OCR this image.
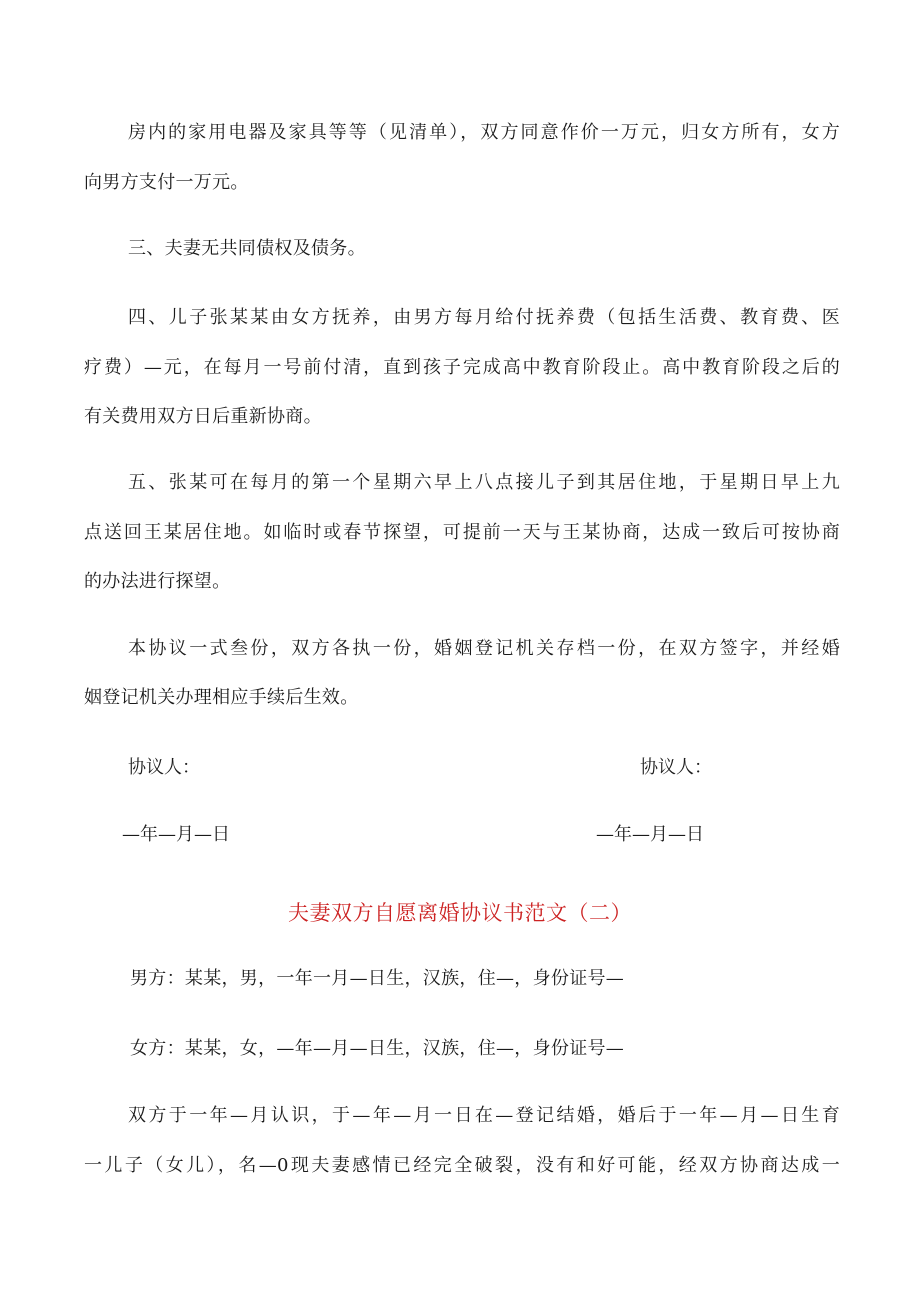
房内的家用电器及家具等等（见清单），双方同意作价一万元，归女方所有，女方
向男方支付一万元。
三、夫妻无共同债权及债务。
四、儿子张某某由女方抚养，由男方每月给付抚养费（包括生活费、教育费、医
疗费）—元，在每月一号前付清，直到孩子完成高中教育阶段止。高中教育阶段之后的
有关费用双方日后重新协商。
五、张某可在每月的第一个星期六早上八点接儿子到其居住地，于星期日早上九
点送回王某居住地。如临时或春节探望，可提前一天与王某协商，达成一致后可按协商
的办法进行探望。
本协议一式叁份，双方各执一份，婚姻登记机关存档一份，在双方签字，并经婚
姻登记机关办理相应手续后生效。
协议人：	协议人：
—年—月—日	—年—月—日
夫妻双方自愿离婚协议书范文（二）
男方：某某，男，一年一月—日生，汉族，住—，身份证号—
女方：某某，女，—年—月—日生，汉族，住—，身份证号—
双方于一年—月认识，于—年—月一日在—登记结婚，婚后于一年—月—日生育
一儿子（女儿），名—0现夫妻感情已经完全破裂，没有和好可能，经双方协商达成一
